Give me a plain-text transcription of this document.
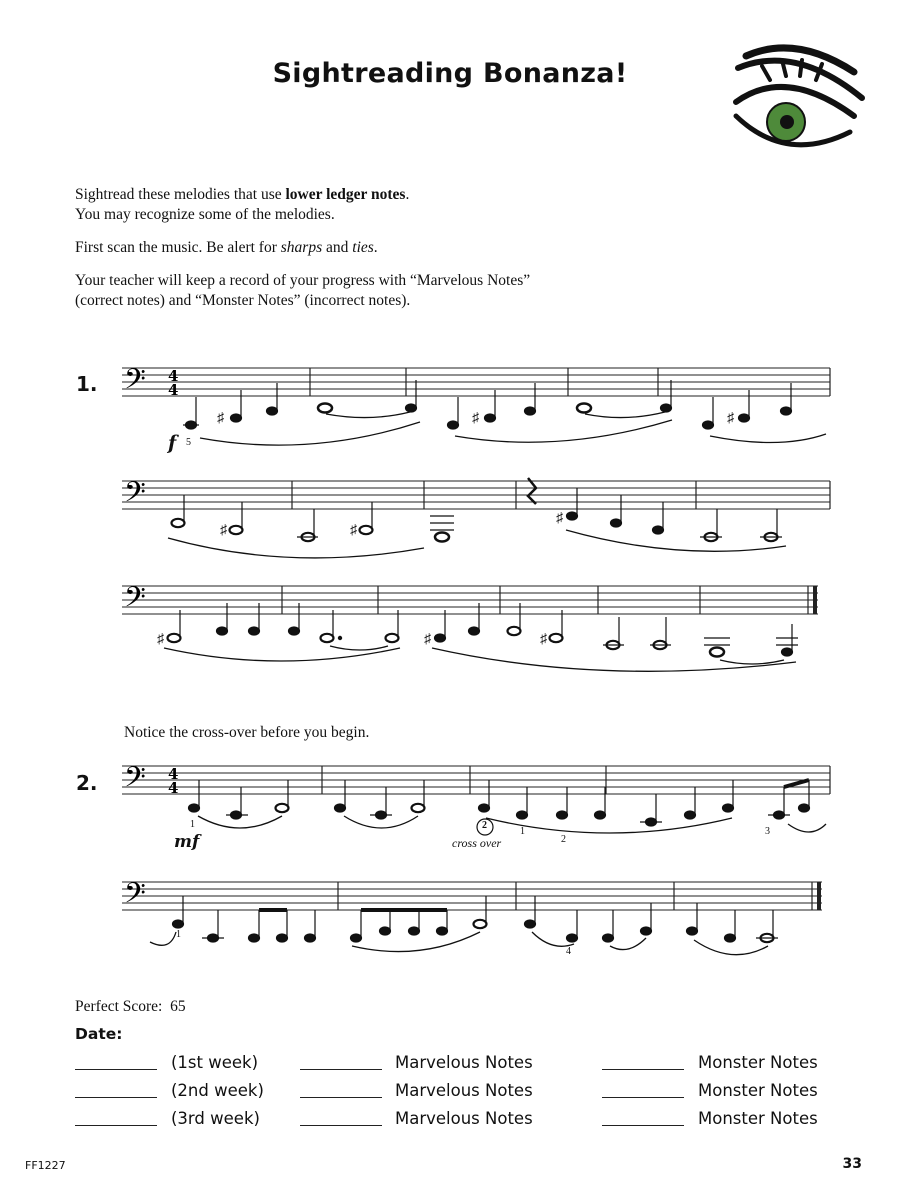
Sightreading Bonanza!

Sightread these melodies that use lower ledger notes.
You may recognize some of the melodies.

First scan the music. Be alert for sharps and ties.

Your teacher will keep a record of your progress with “Marvelous Notes”
(correct notes) and “Monster Notes” (incorrect notes).

1. 𝄢
𝄢
𝄢
4
4
♯	♯	♯
♯	♯
♯
♯	♯	♯
f 5
Notice the cross-over before you begin.
2. 𝄢
𝄢
4
4
mf
1	2
cross over
1
2
3
1
4
Perfect Score: 65
Date:
(1st week)	Marvelous Notes	Monster Notes
(2nd week)	Marvelous Notes	Monster Notes
(3rd week)	Marvelous Notes	Monster Notes
FF1227	33
